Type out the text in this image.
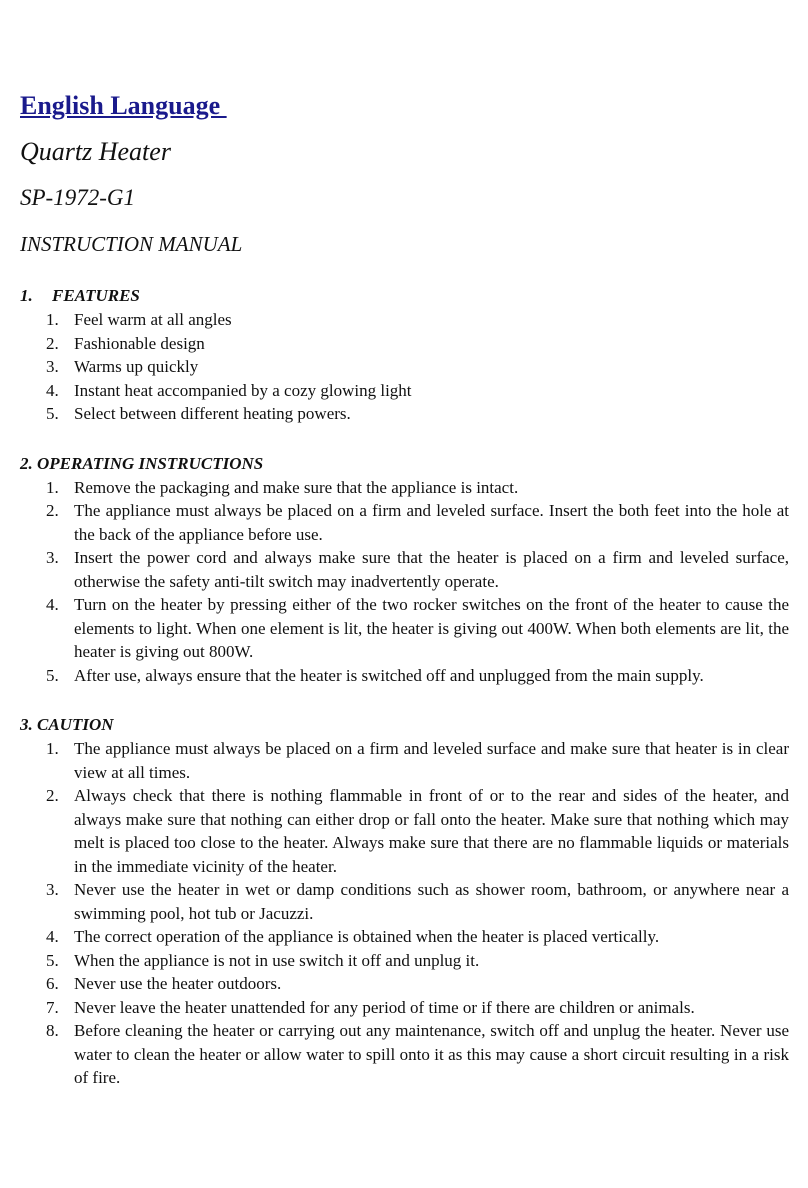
English Language
Quartz Heater
SP-1972-G1
INSTRUCTION MANUAL

1. FEATURES

1. Feel warm at all angles
2. Fashionable design
3. Warms up quickly
4. Instant heat accompanied by a cozy glowing light
5. Select between different heating powers.

2. OPERATING INSTRUCTIONS

1. Remove the packaging and make sure that the appliance is intact.
2. The appliance must always be placed on a firm and leveled surface. Insert the both feet into the hole at the back of the appliance before use.
3. Insert the power cord and always make sure that the heater is placed on a firm and leveled surface, otherwise the safety anti-tilt switch may inadvertently operate.
4. Turn on the heater by pressing either of the two rocker switches on the front of the heater to cause the elements to light. When one element is lit, the heater is giving out 400W. When both elements are lit, the heater is giving out 800W.
5. After use, always ensure that the heater is switched off and unplugged from the main supply.

3. CAUTION

1. The appliance must always be placed on a firm and leveled surface and make sure that heater is in clear view at all times.
2. Always check that there is nothing flammable in front of or to the rear and sides of the heater, and always make sure that nothing can either drop or fall onto the heater. Make sure that nothing which may melt is placed too close to the heater. Always make sure that there are no flammable liquids or materials in the immediate vicinity of the heater.
3. Never use the heater in wet or damp conditions such as shower room, bathroom, or anywhere near a swimming pool, hot tub or Jacuzzi.
4. The correct operation of the appliance is obtained when the heater is placed vertically.
5. When the appliance is not in use switch it off and unplug it.
6. Never use the heater outdoors.
7. Never leave the heater unattended for any period of time or if there are children or animals.
8. Before cleaning the heater or carrying out any maintenance, switch off and unplug the heater. Never use water to clean the heater or allow water to spill onto it as this may cause a short circuit resulting in a risk of fire.
